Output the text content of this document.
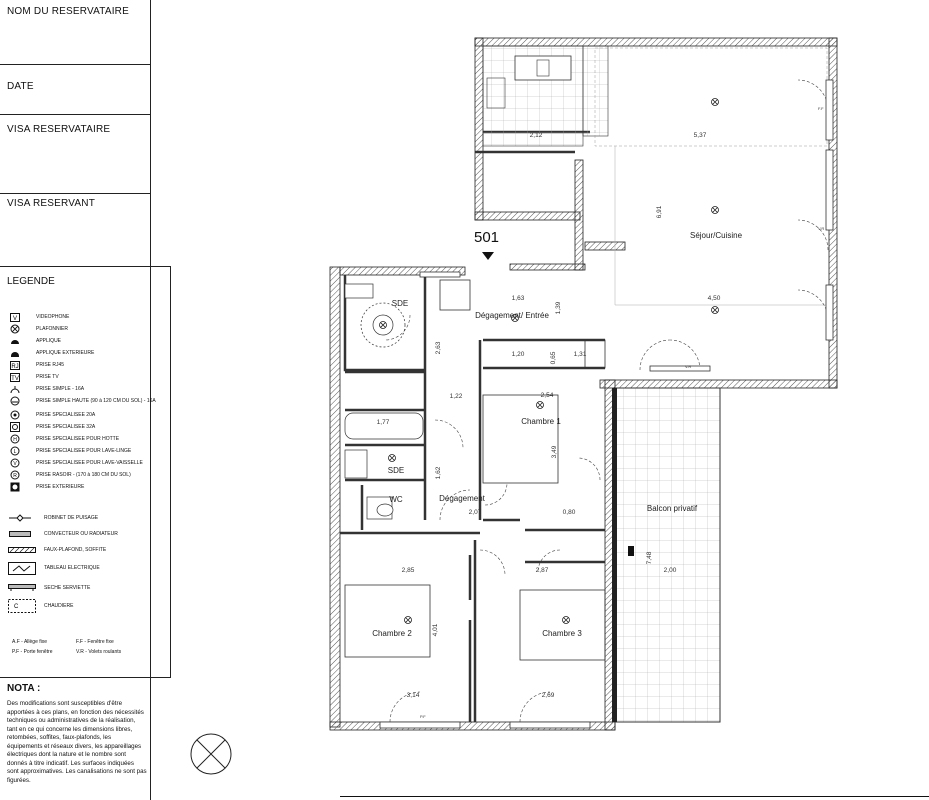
NOM DU RESERVATAIRE
DATE
VISA RESERVATAIRE
VISA RESERVANT
LEGENDE
V	VIDEOPHONE
PLAFONNIER
APPLIQUE
APPLIQUE EXTERIEURE
RJ	PRISE RJ45
TV	PRISE TV
PRISE SIMPLE - 16A
PRISE SIMPLE HAUTE (90 à 120 CM DU SOL) - 16A
PRISE SPECIALISEE 20A
PRISE SPECIALISEE 32A
H	PRISE SPECIALISEE POUR HOTTE
L	PRISE SPECIALISEE POUR LAVE-LINGE
V	PRISE SPECIALISEE POUR LAVE-VAISSELLE
R	PRISE RASOIR - (170 à 180 CM DU SOL)
PRISE EXTERIEURE
ROBINET DE PUISAGE
CONVECTEUR OU RADIATEUR
FAUX-PLAFOND, SOFFITE
TABLEAU ELECTRIQUE
SECHE SERVIETTE
C	CHAUDIERE
A.F - Allège fixe	F.F - Fenêtre fixe
P.F - Porte fenêtre	V.R - Volets roulants
NOTA :
Des modifications sont susceptibles d'être apportées à ces plans, en fonction des nécessités techniques ou administratives de la réalisation, tant en ce qui concerne les dimensions libres, retombées, soffites, faux-plafonds, les équipements et réseaux divers, les appareillages électriques dont la nature et le nombre sont donnés à titre indicatif. Les surfaces indiquées sont approximatives. Les canalisations ne sont pas figurées.
Séjour/Cuisine
Dégagement/ Entrée
SDE
SDE
WC	Dégagement
Chambre 1
Chambre 2	Chambre 3
Balcon privatif
2,12	5,37
6,91
4,50
1,63
1,39
2,63
1,20	0,65	1,31
1,22	2,54
1,77
3,49
1,62
2,07	0,80
2,85	2,87
4,01
7,48
2,00
3,14	2,69
F.F
V.R
P.F
V.R
501
